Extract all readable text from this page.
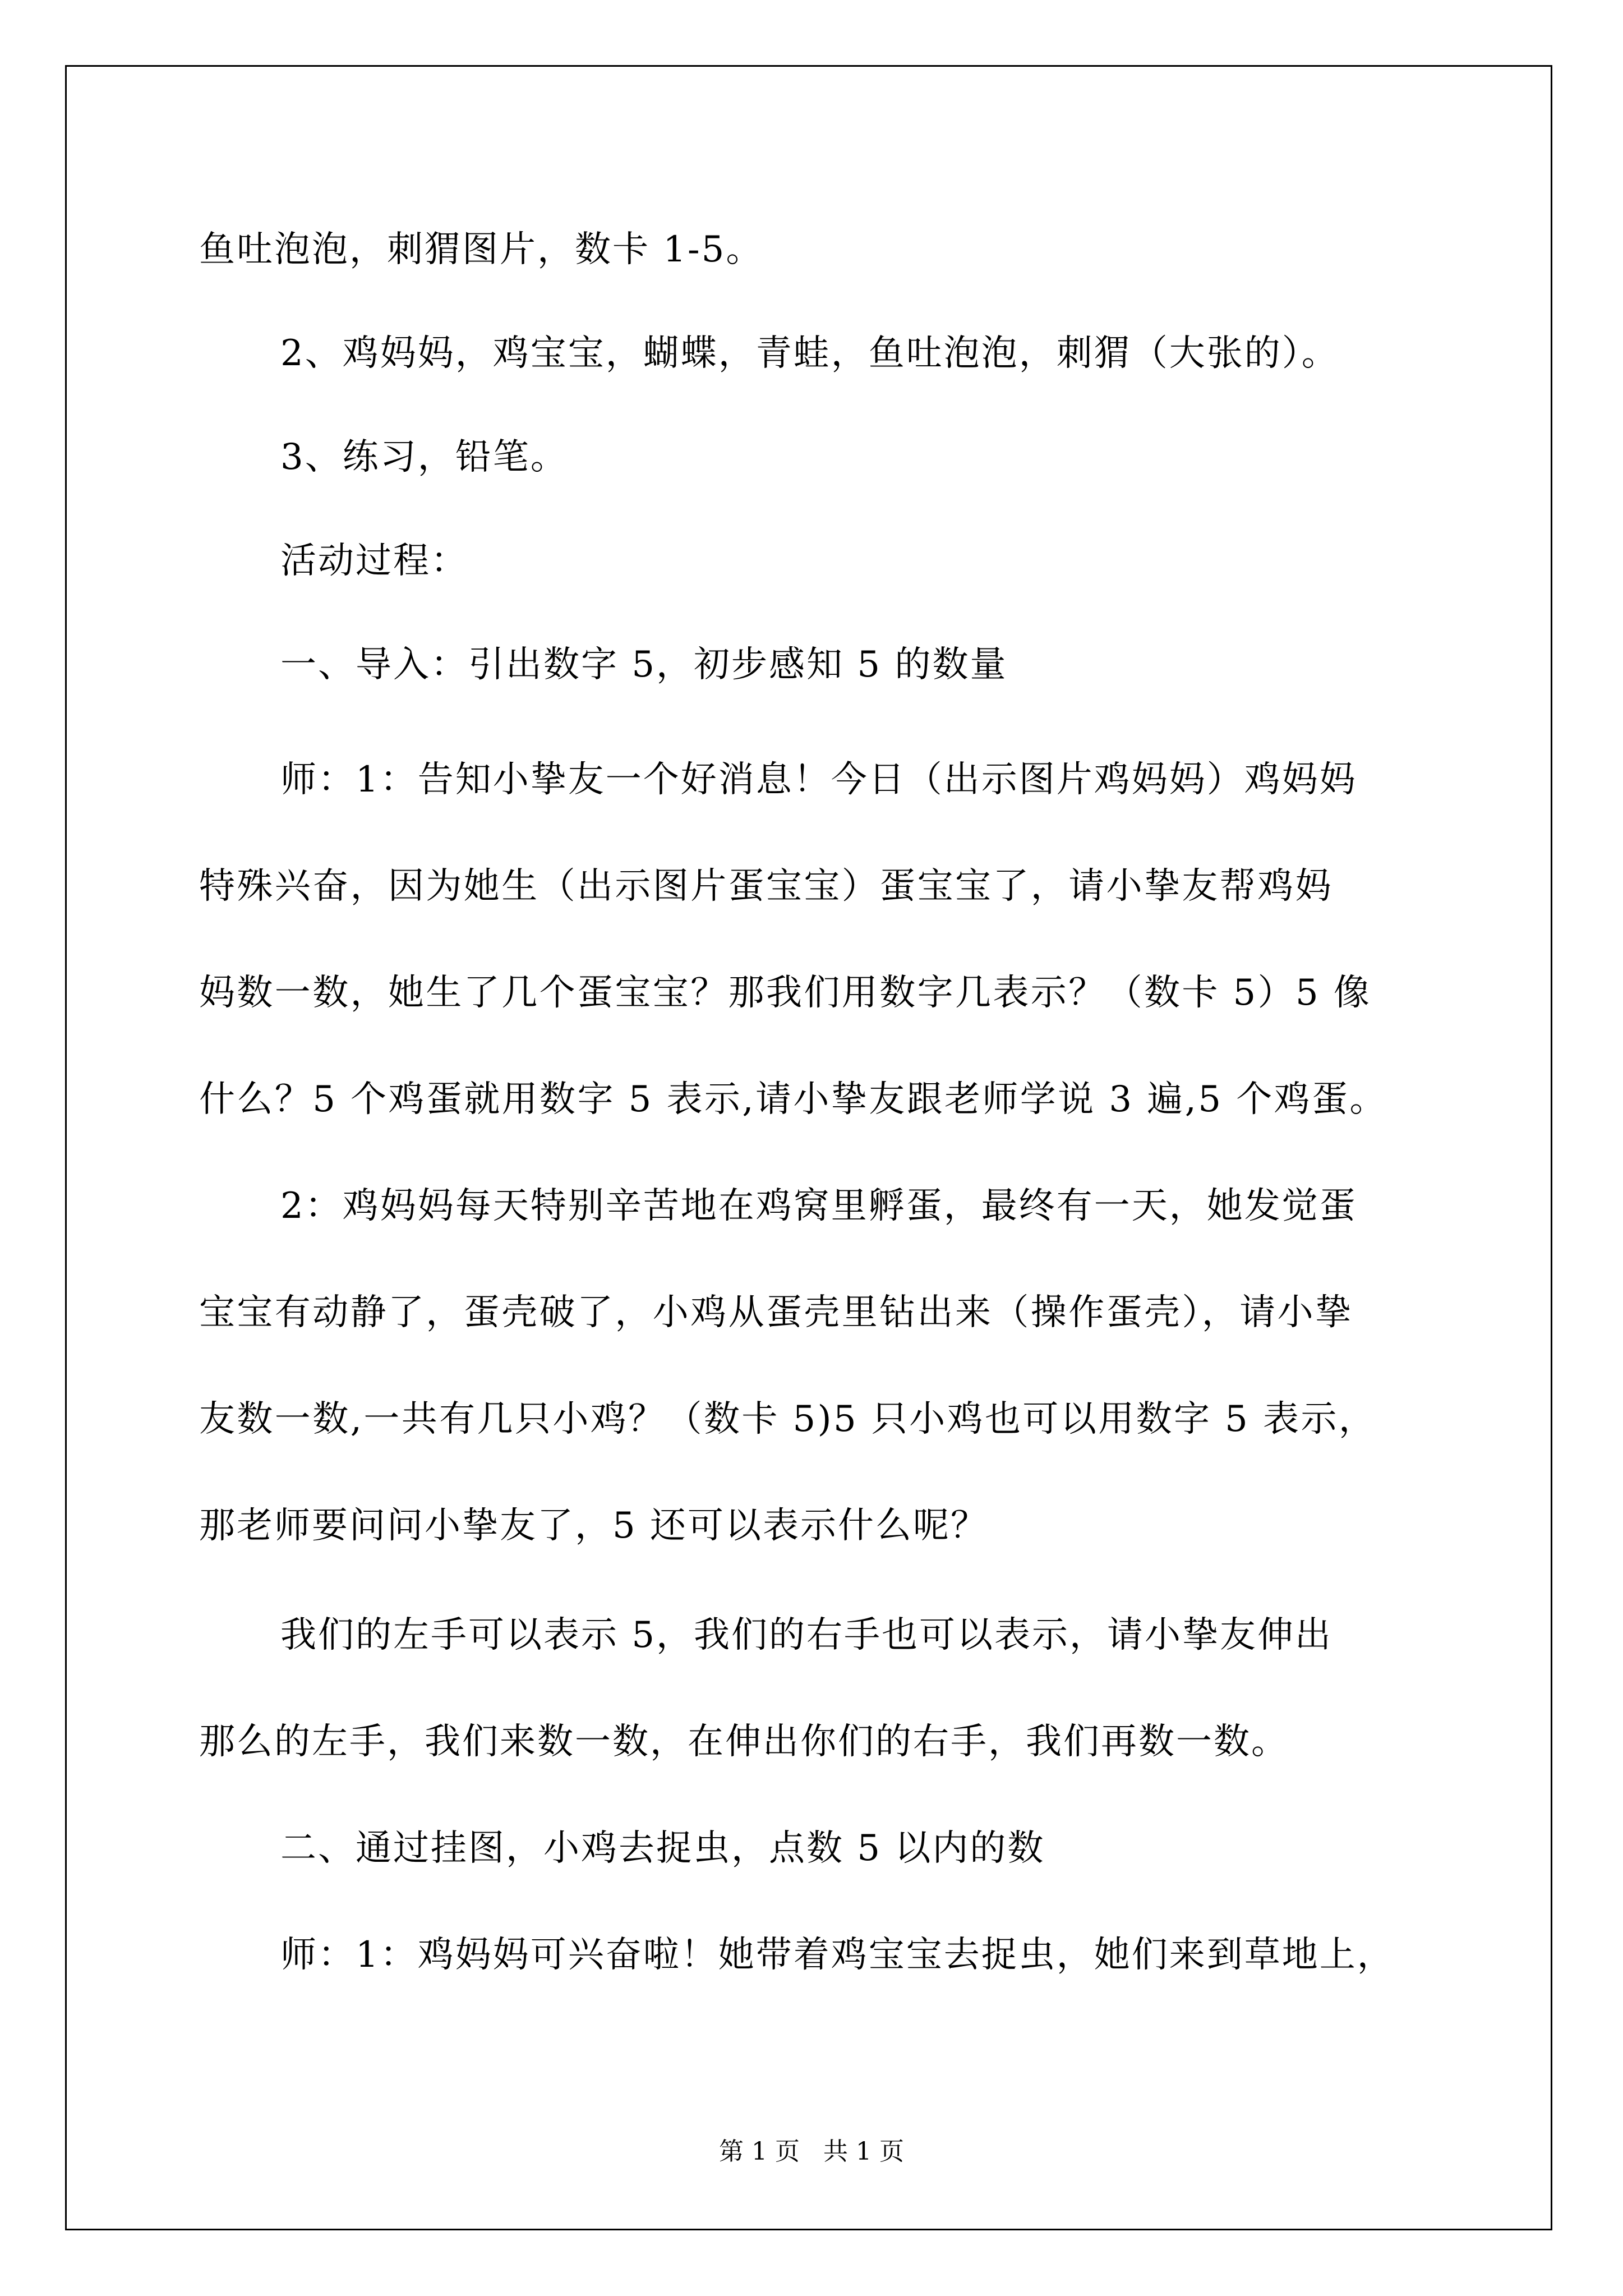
鱼吐泡泡，刺猬图片，数卡 1-5。
2、鸡妈妈，鸡宝宝，蝴蝶，青蛙，鱼吐泡泡，刺猬（大张的）。
3、练习，铅笔。
活动过程：
一、导入：引出数字 5，初步感知 5 的数量
师：1：告知小挚友一个好消息！今日（出示图片鸡妈妈）鸡妈妈
特殊兴奋，因为她生（出示图片蛋宝宝）蛋宝宝了，请小挚友帮鸡妈
妈数一数，她生了几个蛋宝宝？那我们用数字几表示？（数卡 5）5 像
什么？5 个鸡蛋就用数字 5 表示,请小挚友跟老师学说 3 遍,5 个鸡蛋。
2：鸡妈妈每天特别辛苦地在鸡窝里孵蛋，最终有一天，她发觉蛋
宝宝有动静了，蛋壳破了，小鸡从蛋壳里钻出来（操作蛋壳），请小挚
友数一数,一共有几只小鸡？（数卡 5)5 只小鸡也可以用数字 5 表示，
那老师要问问小挚友了，5 还可以表示什么呢？
我们的左手可以表示 5，我们的右手也可以表示，请小挚友伸出
那么的左手，我们来数一数，在伸出你们的右手，我们再数一数。
二、通过挂图，小鸡去捉虫，点数 5 以内的数
师：1：鸡妈妈可兴奋啦！她带着鸡宝宝去捉虫，她们来到草地上，
第 1 页   共 1 页
